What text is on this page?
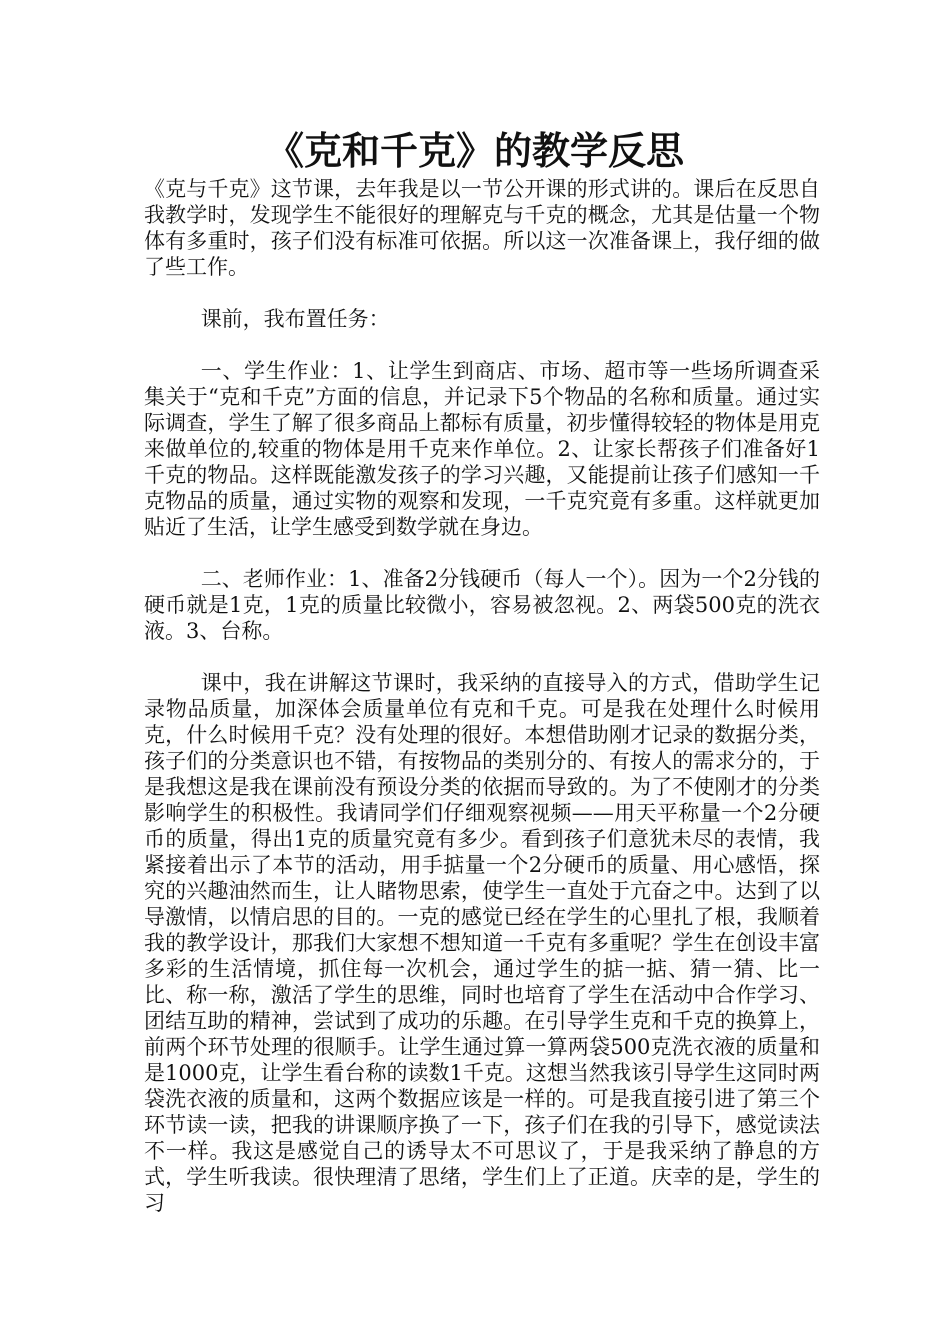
《克和千克》的教学反思

《克与千克》这节课，去年我是以一节公开课的形式讲的。课后在反思自我教学时，发现学生不能很好的理解克与千克的概念，尤其是估量一个物体有多重时，孩子们没有标准可依据。所以这一次准备课上，我仔细的做了些工作。

课前，我布置任务：

一、学生作业：1、让学生到商店、市场、超市等一些场所调查采集关于“克和千克”方面的信息，并记录下5个物品的名称和质量。通过实际调查，学生了解了很多商品上都标有质量，初步懂得较轻的物体是用克来做单位的,较重的物体是用千克来作单位。2、让家长帮孩子们准备好1千克的物品。这样既能激发孩子的学习兴趣，又能提前让孩子们感知一千克物品的质量，通过实物的观察和发现，一千克究竟有多重。这样就更加贴近了生活，让学生感受到数学就在身边。

二、老师作业：1、准备2分钱硬币（每人一个）。因为一个2分钱的硬币就是1克，1克的质量比较微小，容易被忽视。2、两袋500克的洗衣液。3、台称。

课中，我在讲解这节课时，我采纳的直接导入的方式，借助学生记录物品质量，加深体会质量单位有克和千克。可是我在处理什么时候用克，什么时候用千克？没有处理的很好。本想借助刚才记录的数据分类，孩子们的分类意识也不错，有按物品的类别分的、有按人的需求分的，于是我想这是我在课前没有预设分类的依据而导致的。为了不使刚才的分类影响学生的积极性。我请同学们仔细观察视频——用天平称量一个2分硬币的质量，得出1克的质量究竟有多少。看到孩子们意犹未尽的表情，我紧接着出示了本节的活动，用手掂量一个2分硬币的质量、用心感悟，探究的兴趣油然而生，让人睹物思索，使学生一直处于亢奋之中。达到了以导激情，以情启思的目的。一克的感觉已经在学生的心里扎了根，我顺着我的教学设计，那我们大家想不想知道一千克有多重呢？学生在创设丰富多彩的生活情境，抓住每一次机会，通过学生的掂一掂、猜一猜、比一比、称一称，激活了学生的思维，同时也培育了学生在活动中合作学习、团结互助的精神，尝试到了成功的乐趣。在引导学生克和千克的换算上，前两个环节处理的很顺手。让学生通过算一算两袋500克洗衣液的质量和是1000克，让学生看台称的读数1千克。这想当然我该引导学生这同时两袋洗衣液的质量和，这两个数据应该是一样的。可是我直接引进了第三个环节读一读，把我的讲课顺序换了一下，孩子们在我的引导下，感觉读法不一样。我这是感觉自己的诱导太不可思议了，于是我采纳了静息的方式，学生听我读。很快理清了思绪，学生们上了正道。庆幸的是，学生的习
